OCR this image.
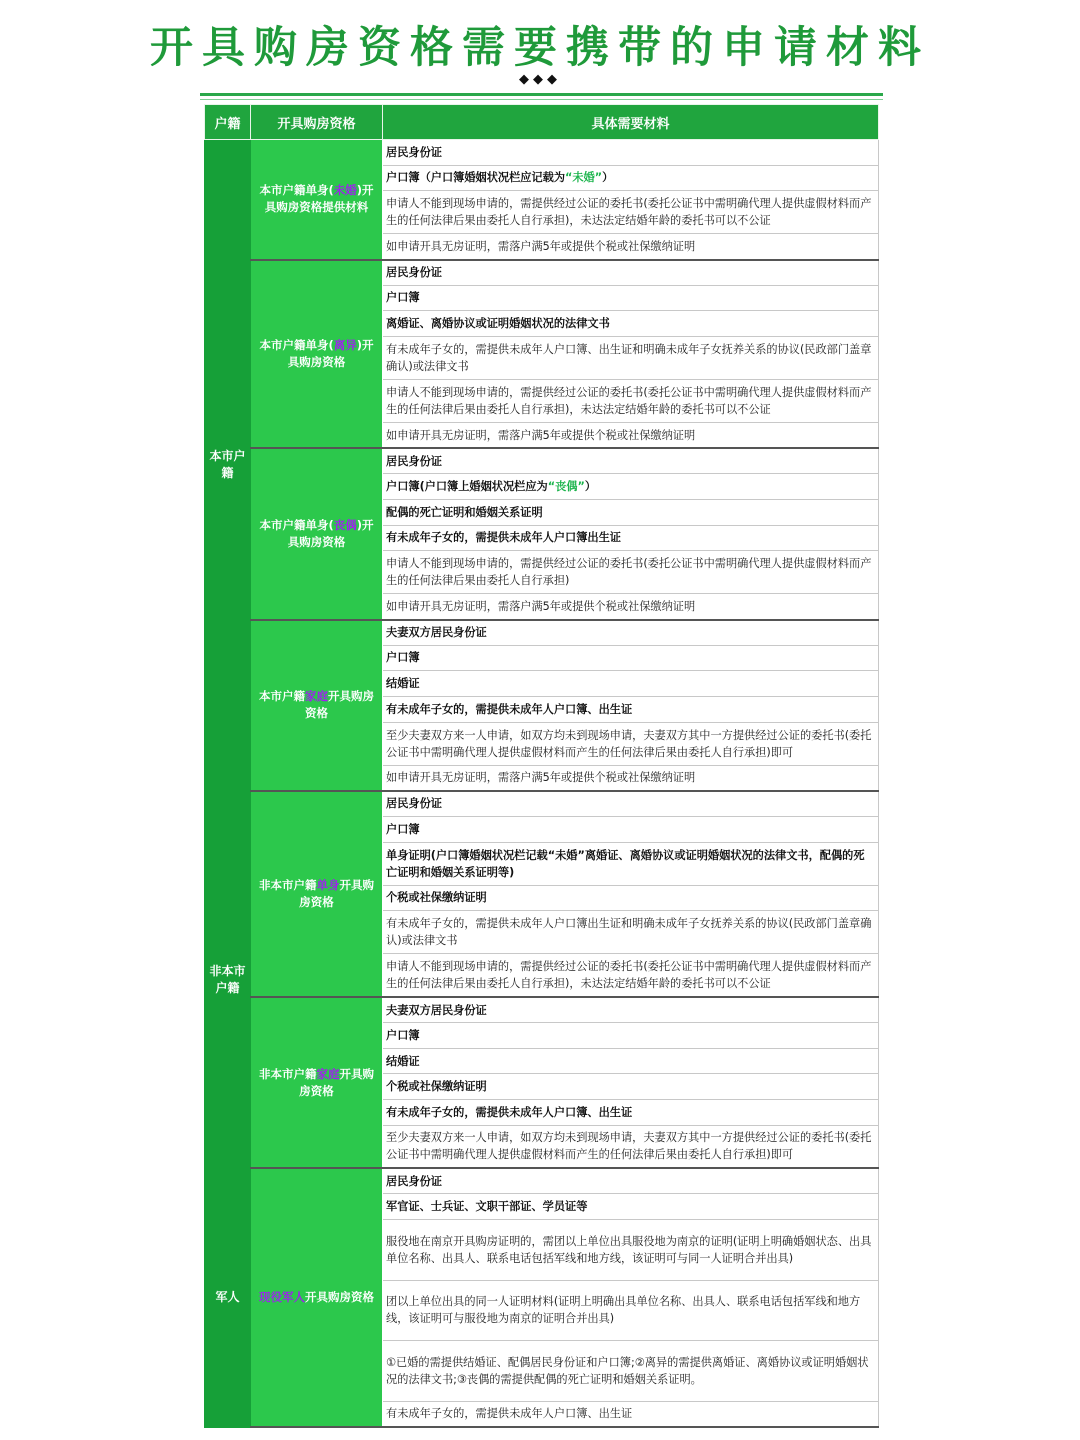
开具购房资格需要携带的申请材料
◆◆◆
户籍	开具购房资格	具体需要材料
本市户籍	本市户籍单身(未婚)开具购房资格提供材料	居民身份证
		户口簿（户口簿婚姻状况栏应记载为“未婚”）
		申请人不能到现场申请的，需提供经过公证的委托书(委托公证书中需明确代理人提供虚假材料而产生的任何法律后果由委托人自行承担)，未达法定结婚年龄的委托书可以不公证
		如申请开具无房证明，需落户满5年或提供个税或社保缴纳证明
	本市户籍单身(离异)开具购房资格	居民身份证
		户口簿
		离婚证、离婚协议或证明婚姻状况的法律文书
		有未成年子女的，需提供未成年人户口簿、出生证和明确未成年子女抚养关系的协议(民政部门盖章确认)或法律文书
		申请人不能到现场申请的，需提供经过公证的委托书(委托公证书中需明确代理人提供虚假材料而产生的任何法律后果由委托人自行承担)，未达法定结婚年龄的委托书可以不公证
		如申请开具无房证明，需落户满5年或提供个税或社保缴纳证明
	本市户籍单身(丧偶)开具购房资格	居民身份证
		户口簿(户口簿上婚姻状况栏应为“丧偶”）
		配偶的死亡证明和婚姻关系证明
		有未成年子女的，需提供未成年人户口簿出生证
		申请人不能到现场申请的，需提供经过公证的委托书(委托公证书中需明确代理人提供虚假材料而产生的任何法律后果由委托人自行承担)
		如申请开具无房证明，需落户满5年或提供个税或社保缴纳证明
	本市户籍家庭开具购房资格	夫妻双方居民身份证
		户口簿
		结婚证
		有未成年子女的，需提供未成年人户口簿、出生证
		至少夫妻双方来一人申请，如双方均未到现场申请，夫妻双方其中一方提供经过公证的委托书(委托公证书中需明确代理人提供虚假材料而产生的任何法律后果由委托人自行承担)即可
		如申请开具无房证明，需落户满5年或提供个税或社保缴纳证明
非本市户籍	非本市户籍单身开具购房资格	居民身份证
		户口簿
		单身证明(户口簿婚姻状况栏记载“未婚”离婚证、离婚协议或证明婚姻状况的法律文书，配偶的死亡证明和婚姻关系证明等)
		个税或社保缴纳证明
		有未成年子女的，需提供未成年人户口簿出生证和明确未成年子女抚养关系的协议(民政部门盖章确认)或法律文书
		申请人不能到现场申请的，需提供经过公证的委托书(委托公证书中需明确代理人提供虚假材料而产生的任何法律后果由委托人自行承担)，未达法定结婚年龄的委托书可以不公证
	非本市户籍家庭开具购房资格	夫妻双方居民身份证
		户口簿
		结婚证
		个税或社保缴纳证明
		有未成年子女的，需提供未成年人户口簿、出生证
		至少夫妻双方来一人申请，如双方均未到现场申请，夫妻双方其中一方提供经过公证的委托书(委托公证书中需明确代理人提供虚假材料而产生的任何法律后果由委托人自行承担)即可
军人	现役军人开具购房资格	居民身份证
		军官证、士兵证、文职干部证、学员证等
		服役地在南京开具购房证明的，需团以上单位出具服役地为南京的证明(证明上明确婚姻状态、出具单位名称、出具人、联系电话包括军线和地方线，该证明可与同一人证明合并出具)
		团以上单位出具的同一人证明材料(证明上明确出具单位名称、出具人、联系电话包括军线和地方线，该证明可与服役地为南京的证明合并出具)
		①已婚的需提供结婚证、配偶居民身份证和户口簿;②离异的需提供离婚证、离婚协议或证明婚姻状况的法律文书;③丧偶的需提供配偶的死亡证明和婚姻关系证明。
		有未成年子女的，需提供未成年人户口簿、出生证
